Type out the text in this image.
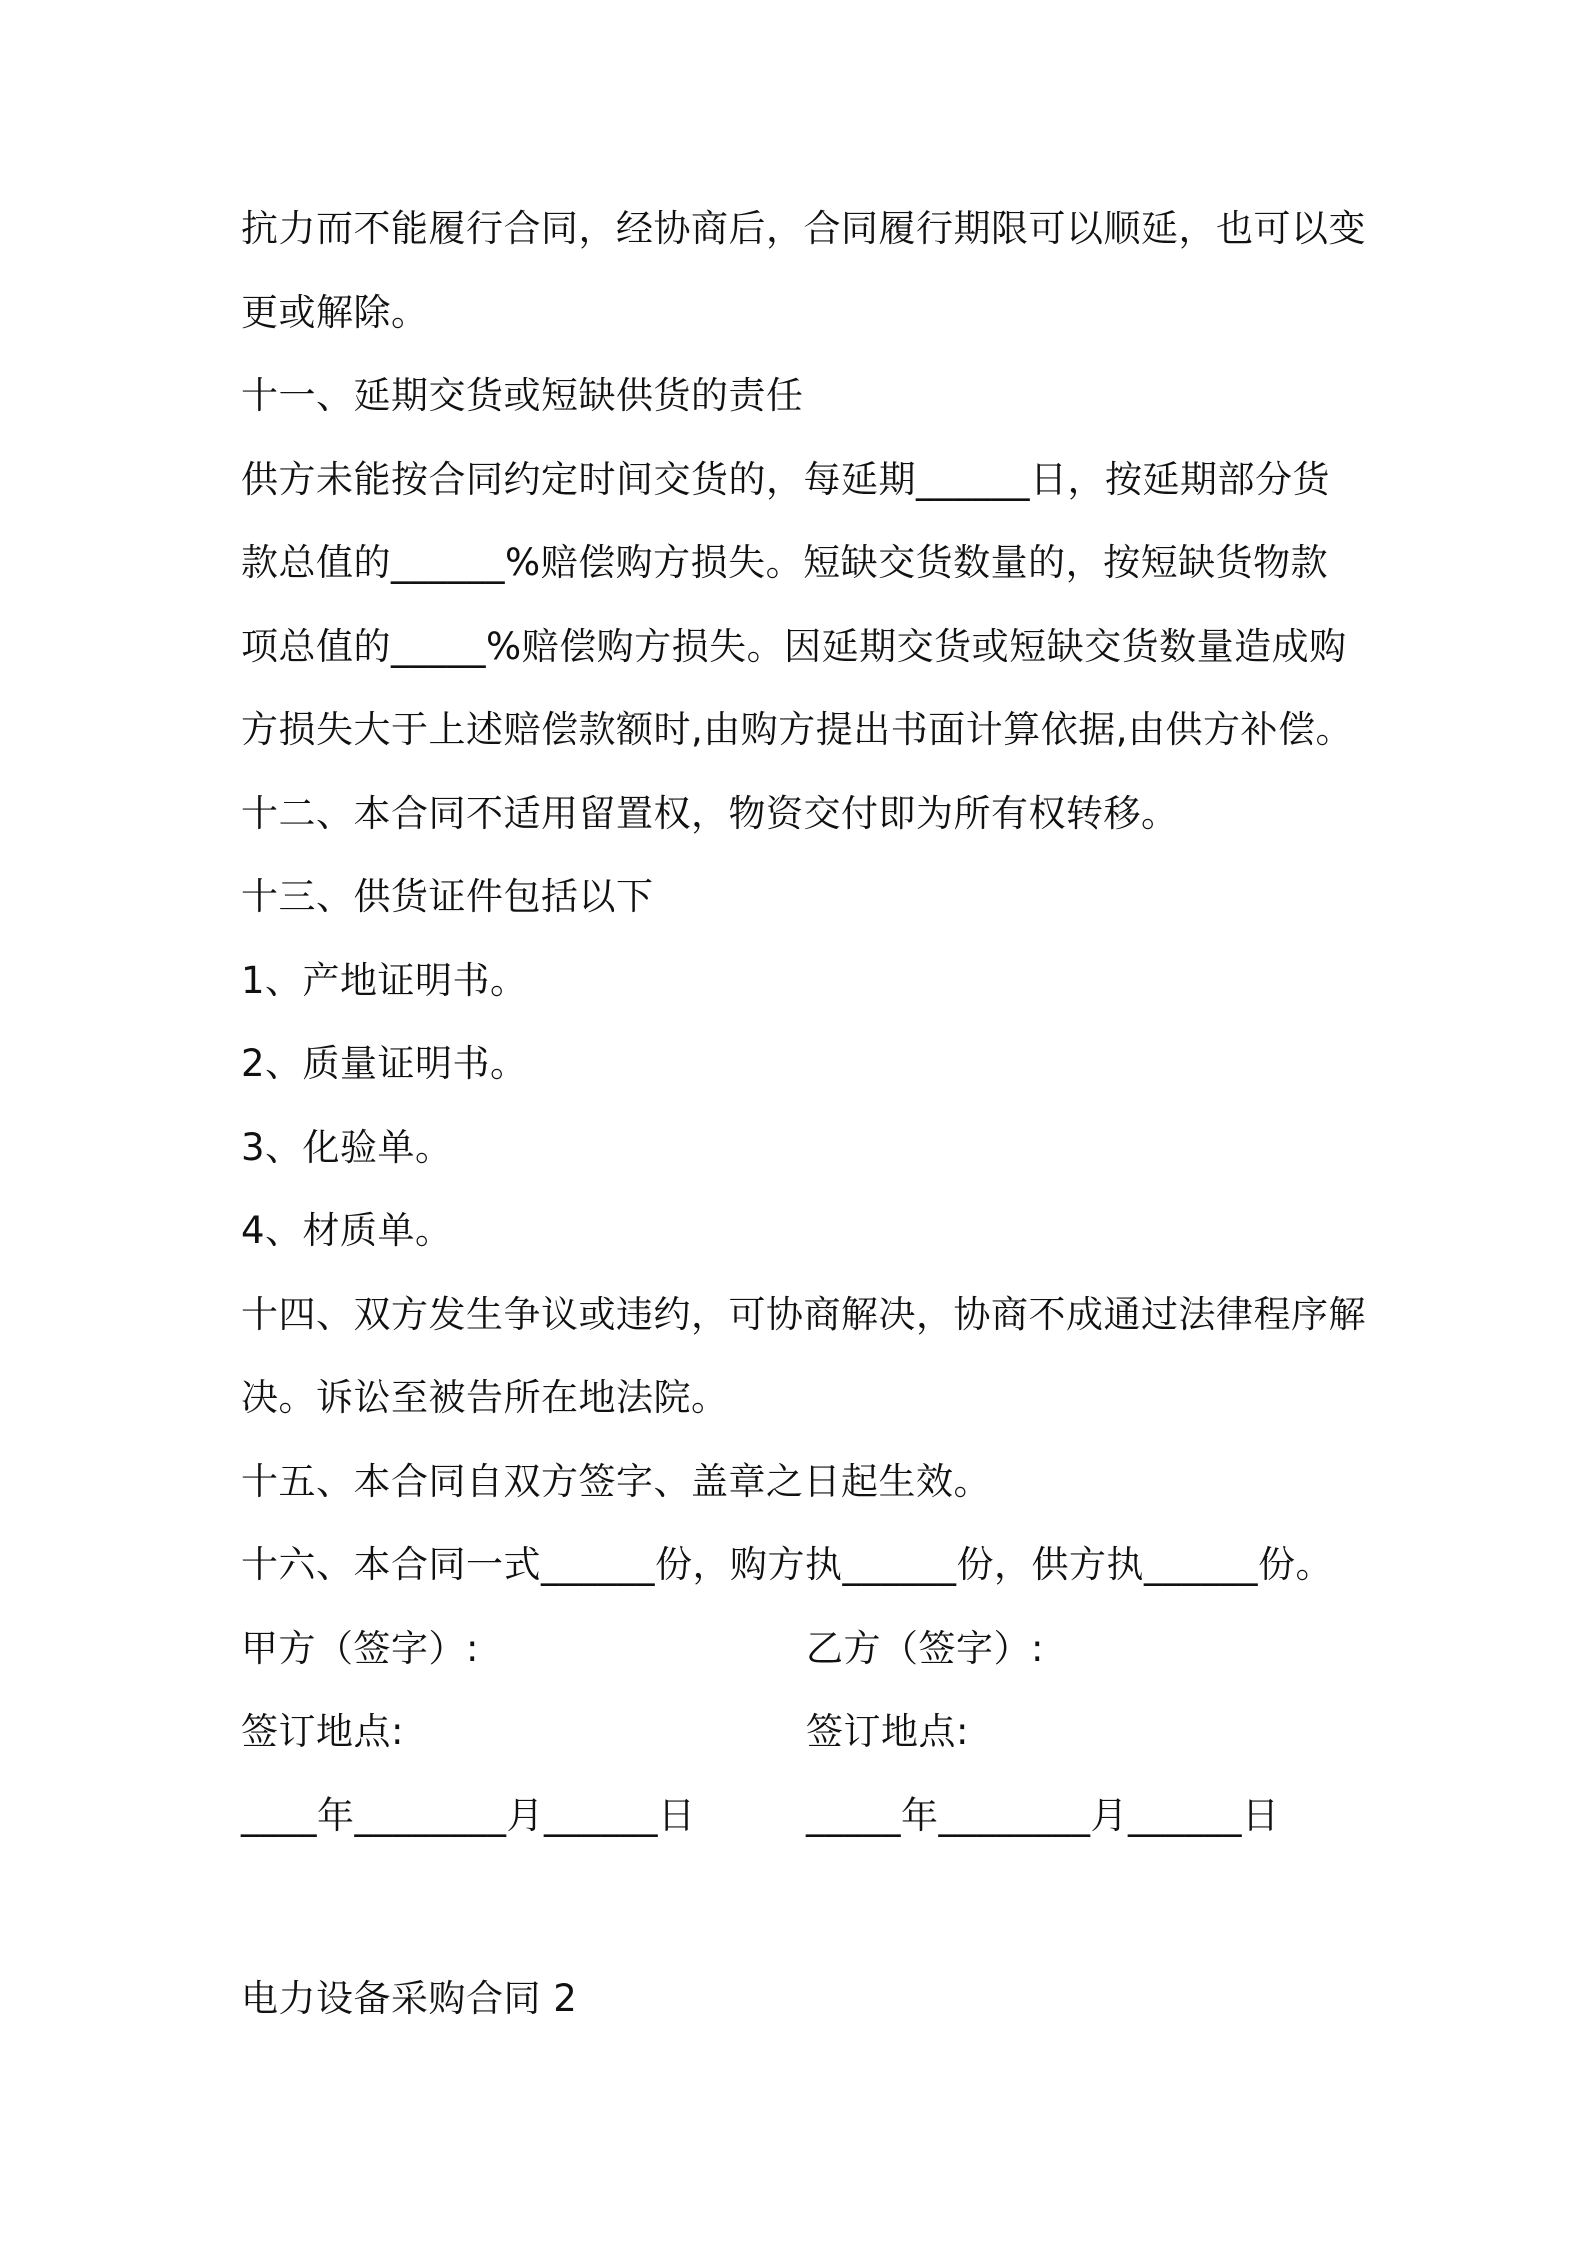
抗力而不能履行合同，经协商后，合同履行期限可以顺延，也可以变
更或解除。
十一、延期交货或短缺供货的责任
供方未能按合同约定时间交货的，每延期______日，按延期部分货
款总值的______%赔偿购方损失。短缺交货数量的，按短缺货物款
项总值的_____%赔偿购方损失。因延期交货或短缺交货数量造成购
方损失大于上述赔偿款额时,由购方提出书面计算依据,由供方补偿。
十二、本合同不适用留置权，物资交付即为所有权转移。
十三、供货证件包括以下
1、产地证明书。
2、质量证明书。
3、化验单。
4、材质单。
十四、双方发生争议或违约，可协商解决，协商不成通过法律程序解
决。诉讼至被告所在地法院。
十五、本合同自双方签字、盖章之日起生效。
十六、本合同一式______份，购方执______份，供方执______份。
甲方（签字）:	乙方（签字）:
签订地点:	签订地点:
____年________月______日	_____年________月______日
电力设备采购合同 2
